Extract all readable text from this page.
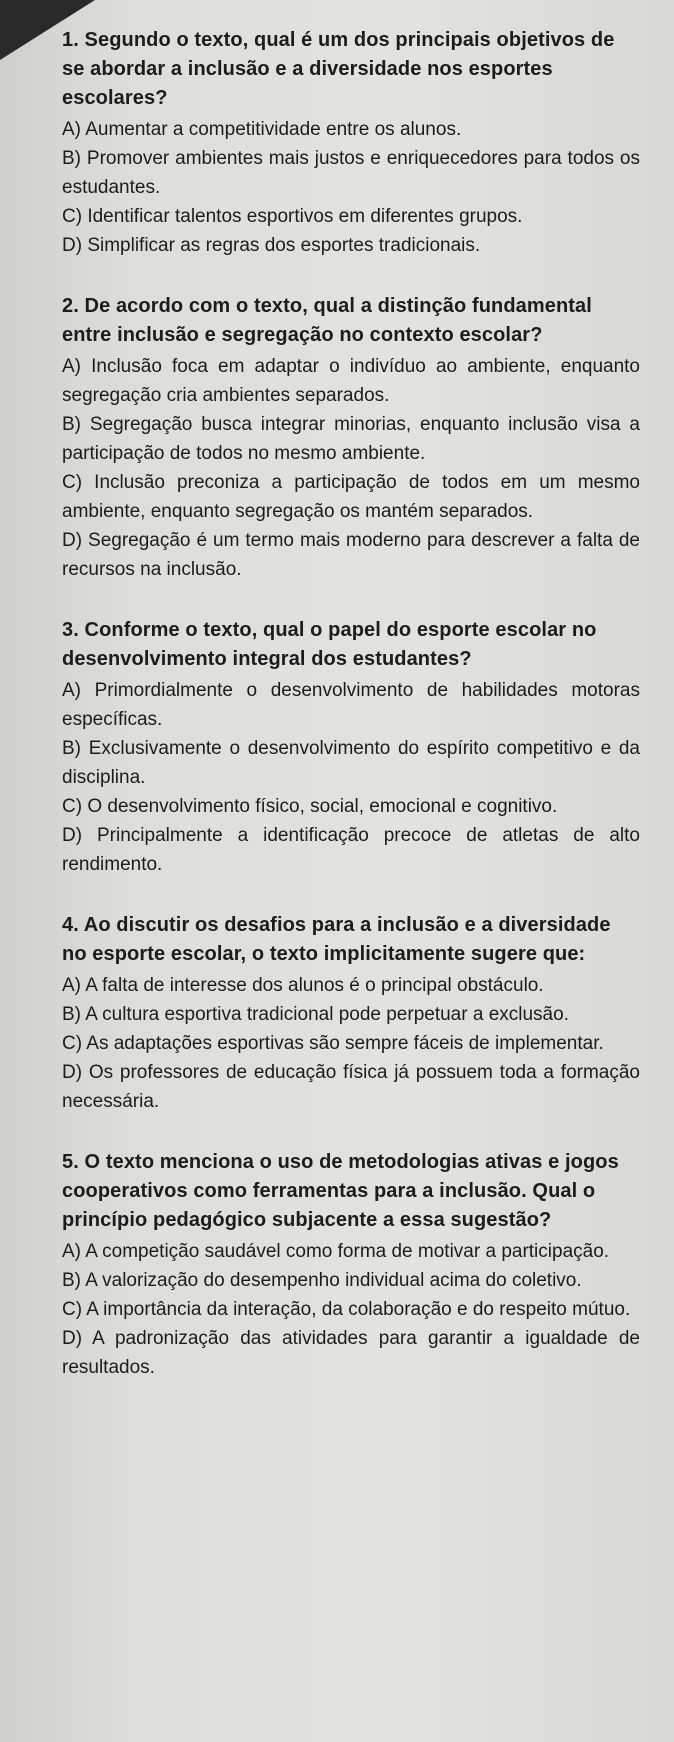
1. Segundo o texto, qual é um dos principais objetivos de se abordar a inclusão e a diversidade nos esportes escolares?

A) Aumentar a competitividade entre os alunos.
B) Promover ambientes mais justos e enriquecedores para todos os estudantes.
C) Identificar talentos esportivos em diferentes grupos.
D) Simplificar as regras dos esportes tradicionais.

2. De acordo com o texto, qual a distinção fundamental entre inclusão e segregação no contexto escolar?

A) Inclusão foca em adaptar o indivíduo ao ambiente, enquanto segregação cria ambientes separados.
B) Segregação busca integrar minorias, enquanto inclusão visa a participação de todos no mesmo ambiente.
C) Inclusão preconiza a participação de todos em um mesmo ambiente, enquanto segregação os mantém separados.
D) Segregação é um termo mais moderno para descrever a falta de recursos na inclusão.

3. Conforme o texto, qual o papel do esporte escolar no desenvolvimento integral dos estudantes?

A) Primordialmente o desenvolvimento de habilidades motoras específicas.
B) Exclusivamente o desenvolvimento do espírito competitivo e da disciplina.
C) O desenvolvimento físico, social, emocional e cognitivo.
D) Principalmente a identificação precoce de atletas de alto rendimento.

4. Ao discutir os desafios para a inclusão e a diversidade no esporte escolar, o texto implicitamente sugere que:

A) A falta de interesse dos alunos é o principal obstáculo.
B) A cultura esportiva tradicional pode perpetuar a exclusão.
C) As adaptações esportivas são sempre fáceis de implementar.
D) Os professores de educação física já possuem toda a formação necessária.

5. O texto menciona o uso de metodologias ativas e jogos cooperativos como ferramentas para a inclusão. Qual o princípio pedagógico subjacente a essa sugestão?

A) A competição saudável como forma de motivar a participação.
B) A valorização do desempenho individual acima do coletivo.
C) A importância da interação, da colaboração e do respeito mútuo.
D) A padronização das atividades para garantir a igualdade de resultados.
